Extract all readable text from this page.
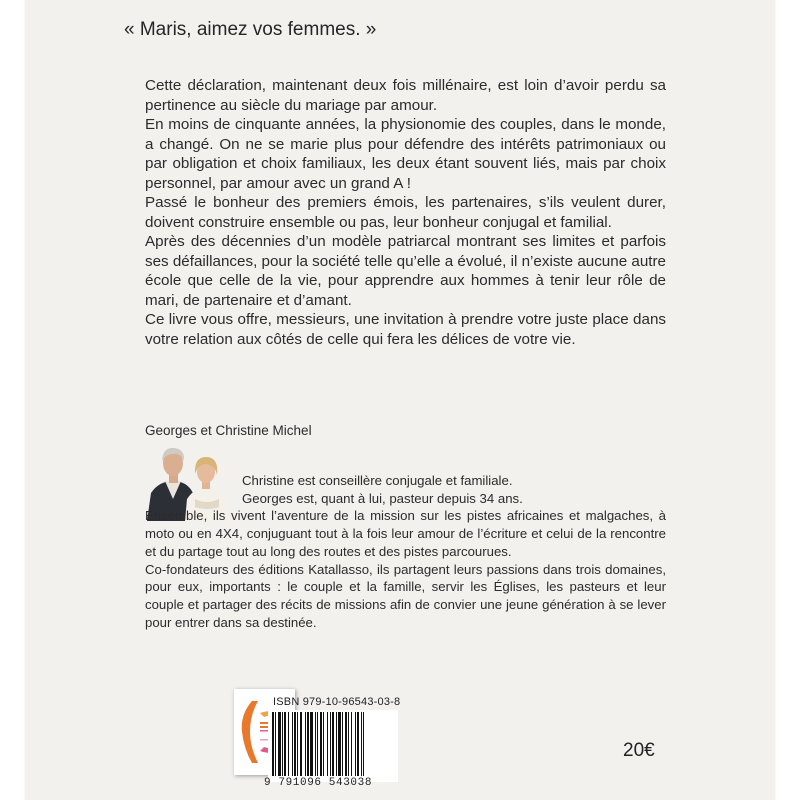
« Maris, aimez vos femmes. »

Cette déclaration, maintenant deux fois millénaire, est loin d’avoir perdu sa pertinence au siècle du mariage par amour.

En moins de cinquante années, la physionomie des couples, dans le monde, a changé. On ne se marie plus pour défendre des intérêts patrimoniaux ou par obligation et choix familiaux, les deux étant souvent liés, mais par choix personnel, par amour avec un grand A !

Passé le bonheur des premiers émois, les partenaires, s’ils veulent durer, doivent construire ensemble ou pas, leur bonheur conjugal et familial.

Après des décennies d’un modèle patriarcal montrant ses limites et parfois ses défaillances, pour la société telle qu’elle a évolué, il n’existe aucune autre école que celle de la vie, pour apprendre aux hommes à tenir leur rôle de mari, de partenaire et d’amant.

Ce livre vous offre, messieurs, une invitation à prendre votre juste place dans votre relation aux côtés de celle qui fera les délices de votre vie.

Georges et Christine Michel

Christine est conseillère conjugale et familiale.

Georges est, quant à lui, pasteur depuis 34 ans.

Ensemble, ils vivent l’aventure de la mission sur les pistes africaines et malgaches, à moto ou en 4X4, conjuguant tout à la fois leur amour de l’écriture et celui de la rencontre et du partage tout au long des routes et des pistes parcourues.

Co-fondateurs des éditions Katallasso, ils partagent leurs passions dans trois domaines, pour eux, importants : le couple et la famille, servir les Églises, les pasteurs et leur couple et partager des récits de missions afin de convier une jeune génération à se lever pour entrer dans sa destinée.

ISBN 979-10-96543-03-8
9 791096 543038
20€
